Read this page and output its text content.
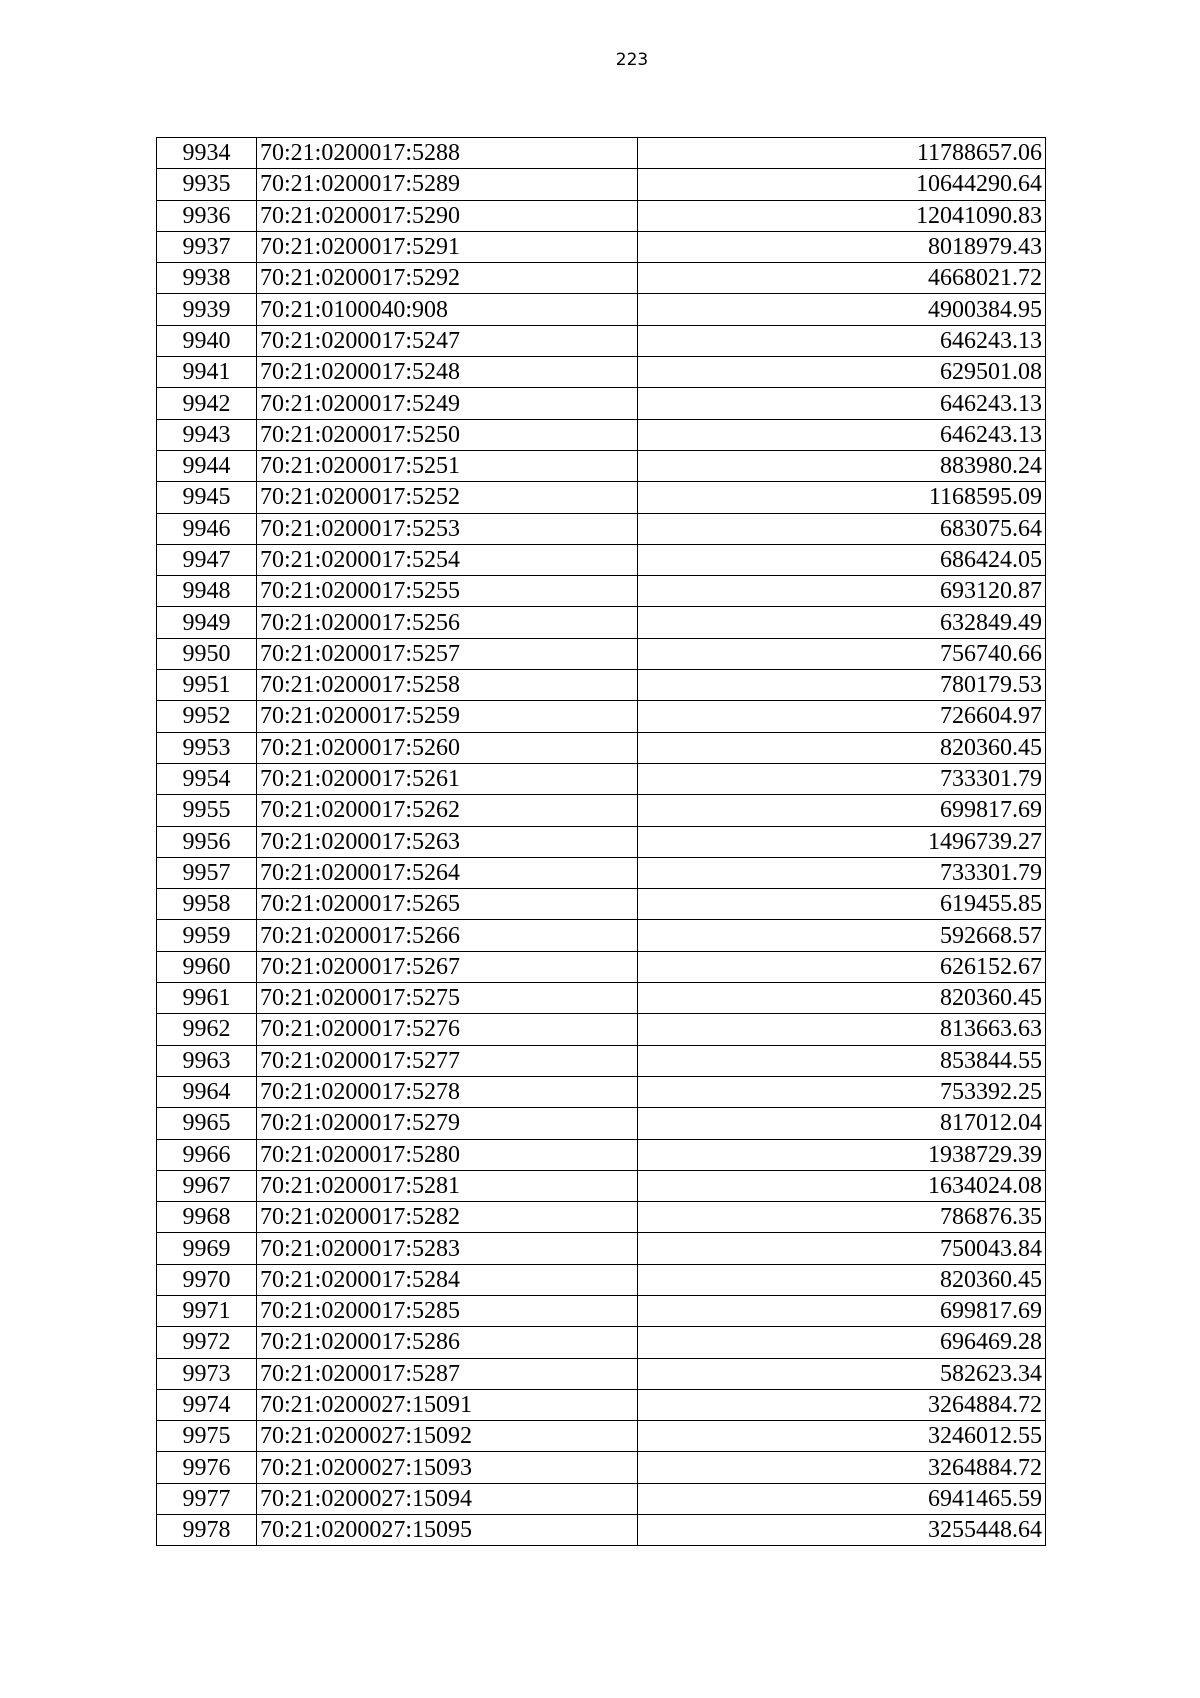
223
9934	70:21:0200017:5288	11788657.06
9935	70:21:0200017:5289	10644290.64
9936	70:21:0200017:5290	12041090.83
9937	70:21:0200017:5291	8018979.43
9938	70:21:0200017:5292	4668021.72
9939	70:21:0100040:908	4900384.95
9940	70:21:0200017:5247	646243.13
9941	70:21:0200017:5248	629501.08
9942	70:21:0200017:5249	646243.13
9943	70:21:0200017:5250	646243.13
9944	70:21:0200017:5251	883980.24
9945	70:21:0200017:5252	1168595.09
9946	70:21:0200017:5253	683075.64
9947	70:21:0200017:5254	686424.05
9948	70:21:0200017:5255	693120.87
9949	70:21:0200017:5256	632849.49
9950	70:21:0200017:5257	756740.66
9951	70:21:0200017:5258	780179.53
9952	70:21:0200017:5259	726604.97
9953	70:21:0200017:5260	820360.45
9954	70:21:0200017:5261	733301.79
9955	70:21:0200017:5262	699817.69
9956	70:21:0200017:5263	1496739.27
9957	70:21:0200017:5264	733301.79
9958	70:21:0200017:5265	619455.85
9959	70:21:0200017:5266	592668.57
9960	70:21:0200017:5267	626152.67
9961	70:21:0200017:5275	820360.45
9962	70:21:0200017:5276	813663.63
9963	70:21:0200017:5277	853844.55
9964	70:21:0200017:5278	753392.25
9965	70:21:0200017:5279	817012.04
9966	70:21:0200017:5280	1938729.39
9967	70:21:0200017:5281	1634024.08
9968	70:21:0200017:5282	786876.35
9969	70:21:0200017:5283	750043.84
9970	70:21:0200017:5284	820360.45
9971	70:21:0200017:5285	699817.69
9972	70:21:0200017:5286	696469.28
9973	70:21:0200017:5287	582623.34
9974	70:21:0200027:15091	3264884.72
9975	70:21:0200027:15092	3246012.55
9976	70:21:0200027:15093	3264884.72
9977	70:21:0200027:15094	6941465.59
9978	70:21:0200027:15095	3255448.64
